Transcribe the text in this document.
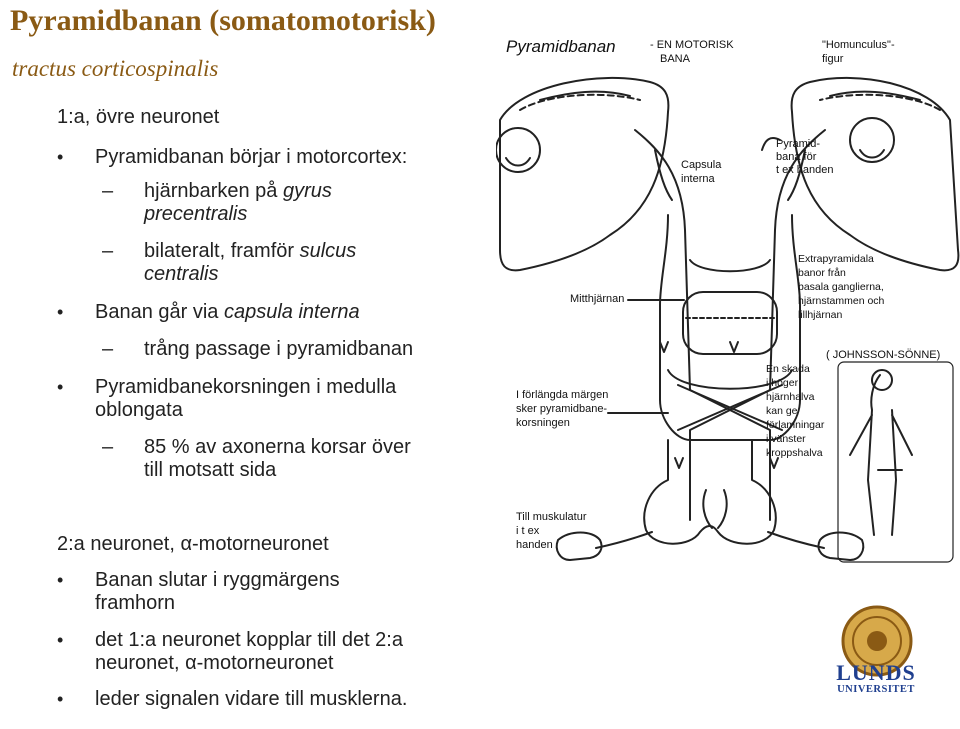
Pyramidbanan (somatomotorisk)
tractus corticospinalis
1:a, övre neuronet
• Pyramidbanan börjar i motorcortex:
– hjärnbarken på gyrus
precentralis
– bilateralt, framför sulcus
centralis
• Banan går via capsula interna
– trång passage i pyramidbanan
• Pyramidbanekorsningen i medulla
oblongata
– 85 % av axonerna korsar över
till motsatt sida
2:a neuronet, α-motorneuronet
• Banan slutar i ryggmärgens
framhorn
• det 1:a neuronet kopplar till det 2:a
neuronet, α-motorneuronet
• leder signalen vidare till musklerna.
Pyramidbanan	- EN MOTORISK
BANA
"Homunculus"-
figur
Capsula
interna
Pyramid-
bana för
t ex handen
Extrapyramidala
banor från
basala ganglierna,
hjärnstammen och
lillhjärnan
Mitthjärnan
( JOHNSSON-SÖNNE)
En skada
i höger
hjärnhalva
kan ge
förlamningar
i vänster
kroppshalva
I förlängda märgen
sker pyramidbane-
korsningen
Till muskulatur
i t ex
handen
LUNDS
UNIVERSITET
